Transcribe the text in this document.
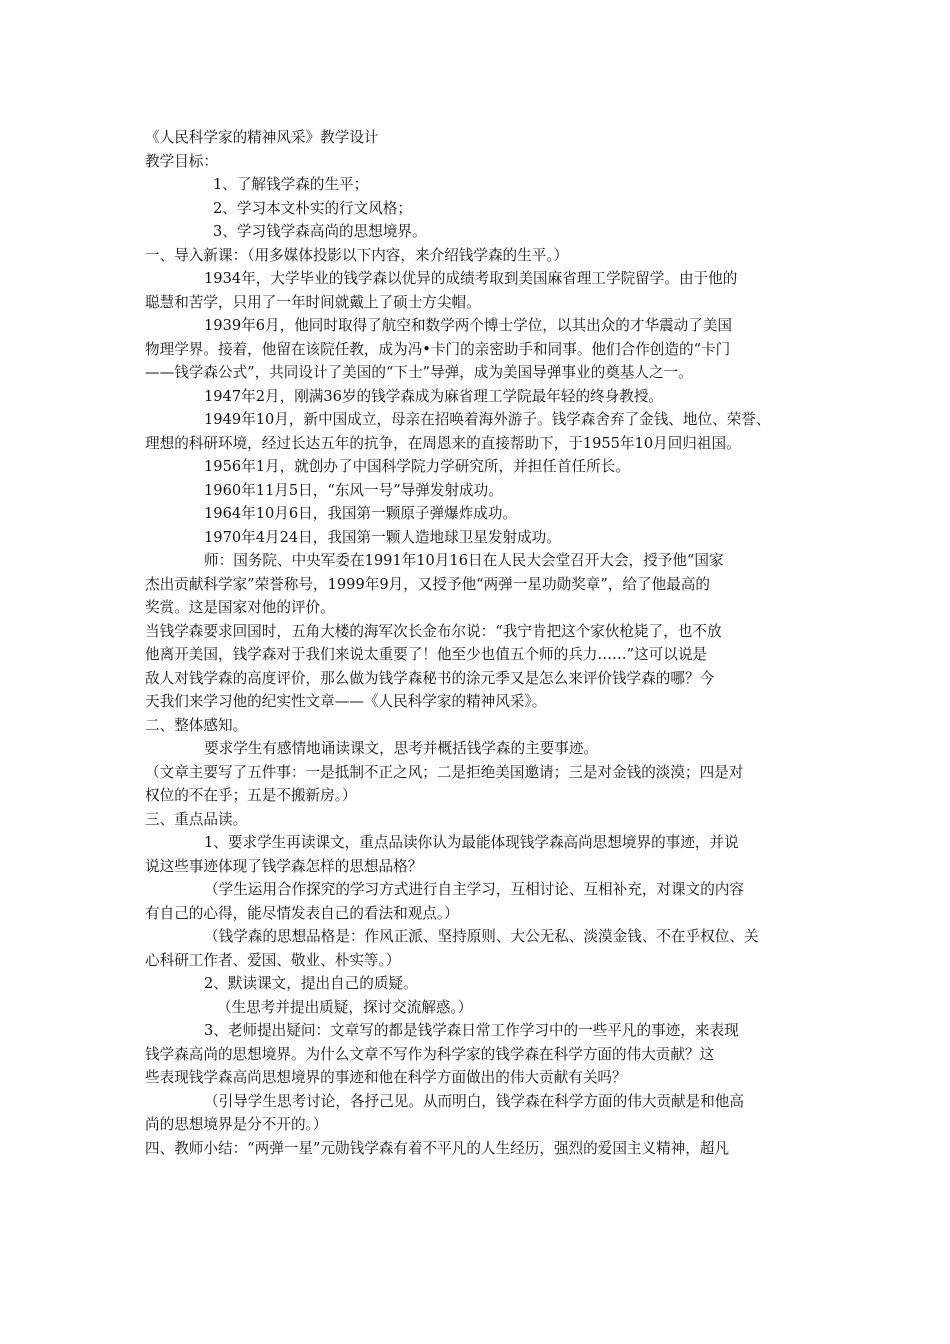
《人民科学家的精神风采》教学设计
教学目标：
1、了解钱学森的生平；
2、学习本文朴实的行文风格；
3、学习钱学森高尚的思想境界。
一、导入新课：（用多媒体投影以下内容，来介绍钱学森的生平。）
1934年，大学毕业的钱学森以优异的成绩考取到美国麻省理工学院留学。由于他的
聪慧和苦学，只用了一年时间就戴上了硕士方尖帽。
1939年6月，他同时取得了航空和数学两个博士学位，以其出众的才华震动了美国
物理学界。接着，他留在该院任教，成为冯•卡门的亲密助手和同事。他们合作创造的“卡门
——钱学森公式”，共同设计了美国的“下士”导弹，成为美国导弹事业的奠基人之一。
1947年2月，刚满36岁的钱学森成为麻省理工学院最年轻的终身教授。
1949年10月，新中国成立，母亲在招唤着海外游子。钱学森舍弃了金钱、地位、荣誉、
理想的科研环境，经过长达五年的抗争，在周恩来的直接帮助下，于1955年10月回归祖国。
1956年1月，就创办了中国科学院力学研究所，并担任首任所长。
1960年11月5日，“东风一号”导弹发射成功。
1964年10月6日，我国第一颗原子弹爆炸成功。
1970年4月24日，我国第一颗人造地球卫星发射成功。
师：国务院、中央军委在1991年10月16日在人民大会堂召开大会，授予他“国家
杰出贡献科学家”荣誉称号，1999年9月，又授予他“两弹一星功勋奖章”，给了他最高的
奖赏。这是国家对他的评价。
当钱学森要求回国时，五角大楼的海军次长金布尔说：“我宁肯把这个家伙枪毙了，也不放
他离开美国，钱学森对于我们来说太重要了！他至少也值五个师的兵力……”这可以说是
敌人对钱学森的高度评价，那么做为钱学森秘书的涂元季又是怎么来评价钱学森的哪？今
天我们来学习他的纪实性文章——《人民科学家的精神风采》。
二、整体感知。
要求学生有感情地诵读课文，思考并概括钱学森的主要事迹。
（文章主要写了五件事：一是抵制不正之风；二是拒绝美国邀请；三是对金钱的淡漠；四是对
权位的不在乎；五是不搬新房。）
三、重点品读。
1、要求学生再读课文，重点品读你认为最能体现钱学森高尚思想境界的事迹，并说
说这些事迹体现了钱学森怎样的思想品格？
（学生运用合作探究的学习方式进行自主学习，互相讨论、互相补充，对课文的内容
有自己的心得，能尽情发表自己的看法和观点。）
（钱学森的思想品格是：作风正派、坚持原则、大公无私、淡漠金钱、不在乎权位、关
心科研工作者、爱国、敬业、朴实等。）
2、默读课文，提出自己的质疑。
（生思考并提出质疑，探讨交流解惑。）
3、老师提出疑问：文章写的都是钱学森日常工作学习中的一些平凡的事迹，来表现
钱学森高尚的思想境界。为什么文章不写作为科学家的钱学森在科学方面的伟大贡献？这
些表现钱学森高尚思想境界的事迹和他在科学方面做出的伟大贡献有关吗？
（引导学生思考讨论，各抒己见。从而明白，钱学森在科学方面的伟大贡献是和他高
尚的思想境界是分不开的。）
四、教师小结：“两弹一星”元勋钱学森有着不平凡的人生经历，强烈的爱国主义精神，超凡
